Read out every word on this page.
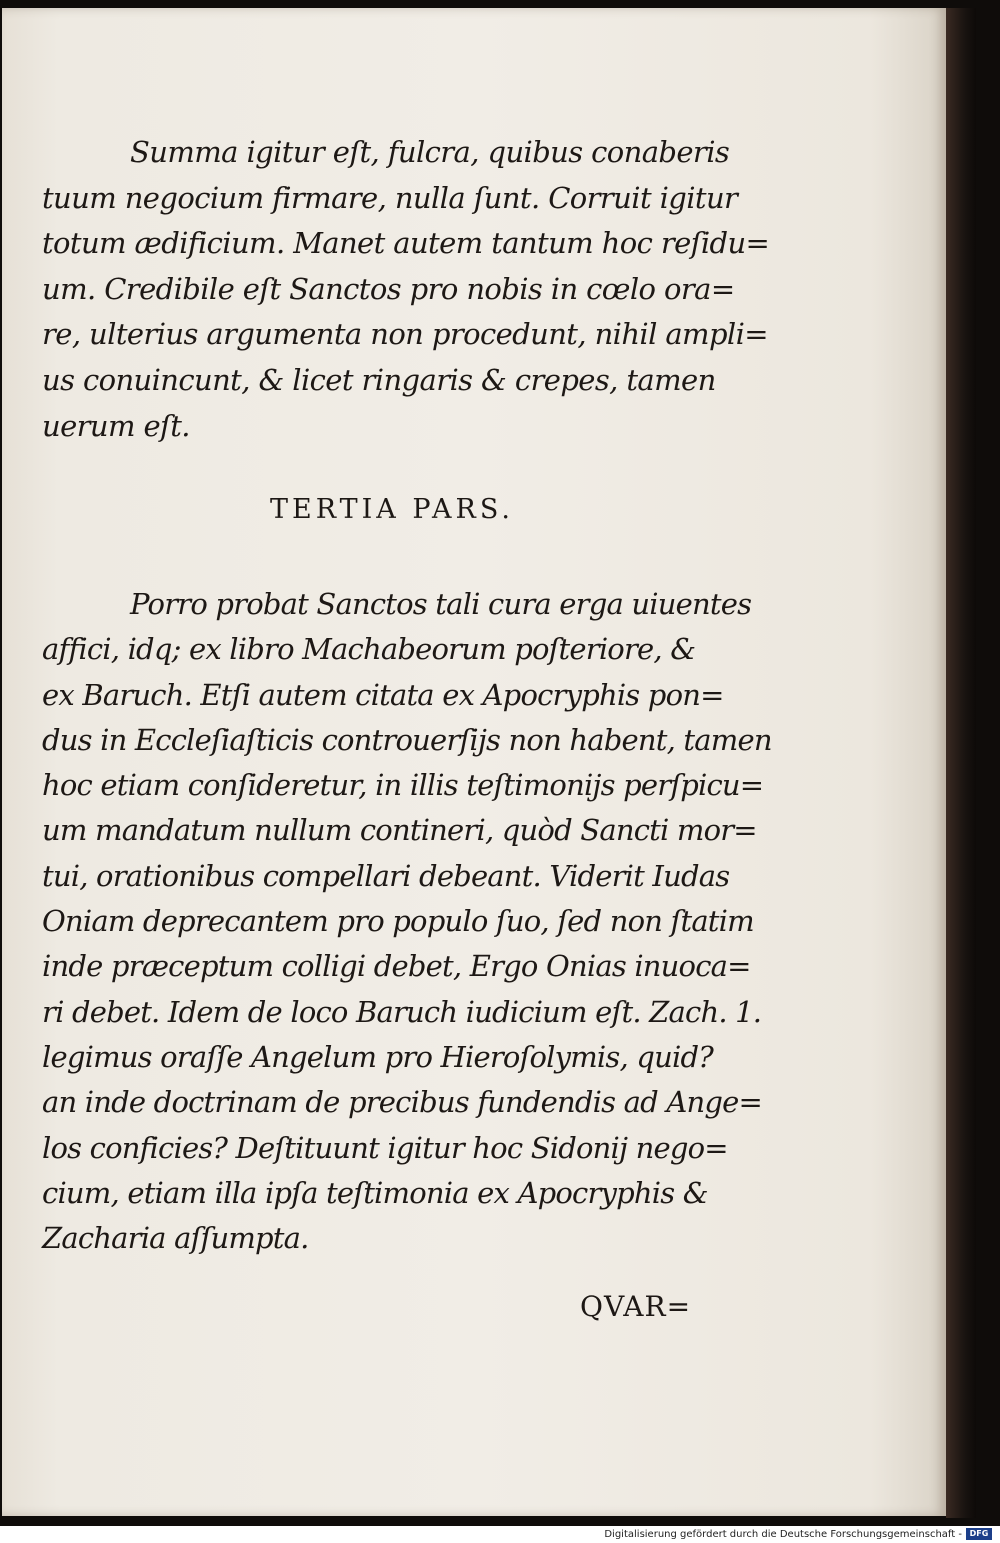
Summa igitur eſt, fulcra, quibus conaberis
tuum negocium firmare, nulla ſunt. Corruit igitur
totum ædificium. Manet autem tantum hoc reſidu=
um. Credibile eſt Sanctos pro nobis in cœlo ora=
re, ulterius argumenta non procedunt, nihil ampli=
us conuincunt, & licet ringaris & crepes, tamen
uerum eſt.

TERTIA PARS.
Porro probat Sanctos tali cura erga uiuentes
affici, idq; ex libro Machabeorum poſteriore, &
ex Baruch. Etſi autem citata ex Apocryphis pon=
dus in Eccleſiaſticis controuerſijs non habent, tamen
hoc etiam conſideretur, in illis teſtimonijs perſpicu=
um mandatum nullum contineri, quòd Sancti mor=
tui, orationibus compellari debeant. Viderit Iudas
Oniam deprecantem pro populo ſuo, ſed non ſtatim
inde præceptum colligi debet, Ergo Onias inuoca=
ri debet. Idem de loco Baruch iudicium eſt. Zach. 1.
legimus oraſſe Angelum pro Hieroſolymis, quid?
an inde doctrinam de precibus fundendis ad Ange=
los conficies? Deſtituunt igitur hoc Sidonij nego=
cium, etiam illa ipſa teſtimonia ex Apocryphis &
Zacharia aſſumpta.
QVAR=
Digitalisierung gefördert durch die Deutsche Forschungsgemeinschaft - DFG
